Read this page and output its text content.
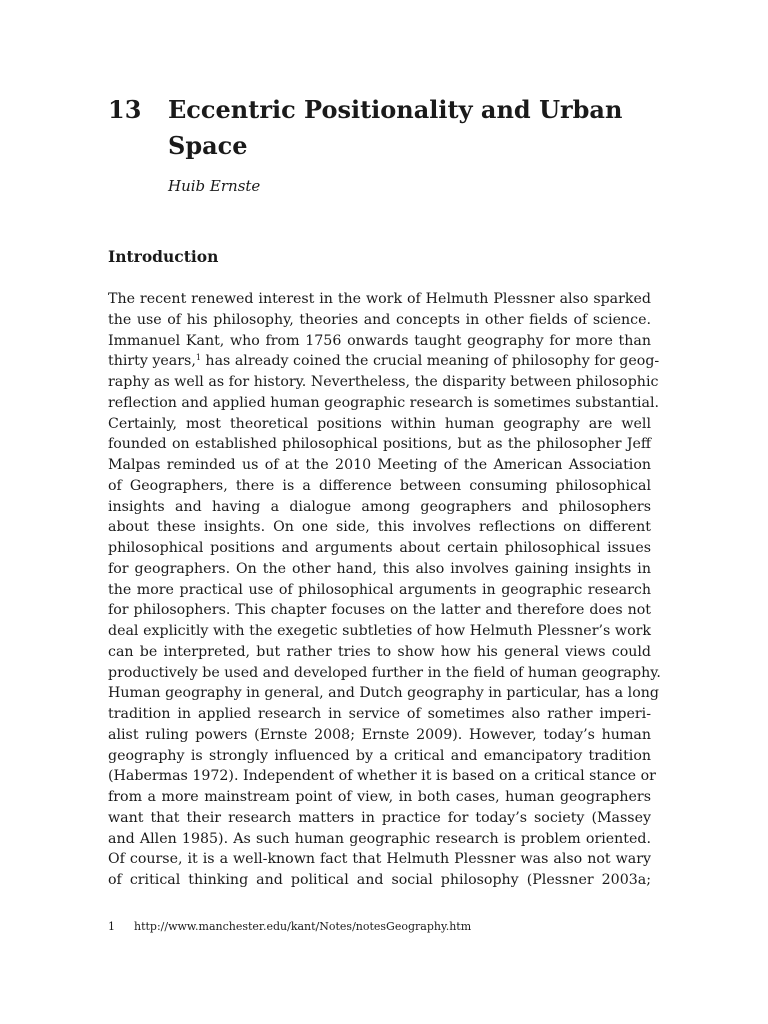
13 Eccentric Positionality and Urban
Space
Huib Ernste
Introduction
The recent renewed interest in the work of Helmuth Plessner also sparked
the use of his philosophy, theories and concepts in other fields of science.
Immanuel Kant, who from 1756 onwards taught geography for more than
thirty years,$^1$ has already coined the crucial meaning of philosophy for geog-
raphy as well as for history. Nevertheless, the disparity between philosophic
reflection and applied human geographic research is sometimes substantial.
Certainly, most theoretical positions within human geography are well
founded on established philosophical positions, but as the philosopher Jeff
Malpas reminded us of at the 2010 Meeting of the American Association
of Geographers, there is a difference between consuming philosophical
insights and having a dialogue among geographers and philosophers
about these insights. On one side, this involves reflections on different
philosophical positions and arguments about certain philosophical issues
for geographers. On the other hand, this also involves gaining insights in
the more practical use of philosophical arguments in geographic research
for philosophers. This chapter focuses on the latter and therefore does not
deal explicitly with the exegetic subtleties of how Helmuth Plessner’s work
can be interpreted, but rather tries to show how his general views could
productively be used and developed further in the field of human geography.
Human geography in general, and Dutch geography in particular, has a long
tradition in applied research in service of sometimes also rather imperi-
alist ruling powers (Ernste 2008; Ernste 2009). However, today’s human
geography is strongly influenced by a critical and emancipatory tradition
(Habermas 1972). Independent of whether it is based on a critical stance or
from a more mainstream point of view, in both cases, human geographers
want that their research matters in practice for today’s society (Massey
and Allen 1985). As such human geographic research is problem oriented.
Of course, it is a well-known fact that Helmuth Plessner was also not wary
of critical thinking and political and social philosophy (Plessner 2003a;
1 http://www.manchester.edu/kant/Notes/notesGeography.htm
